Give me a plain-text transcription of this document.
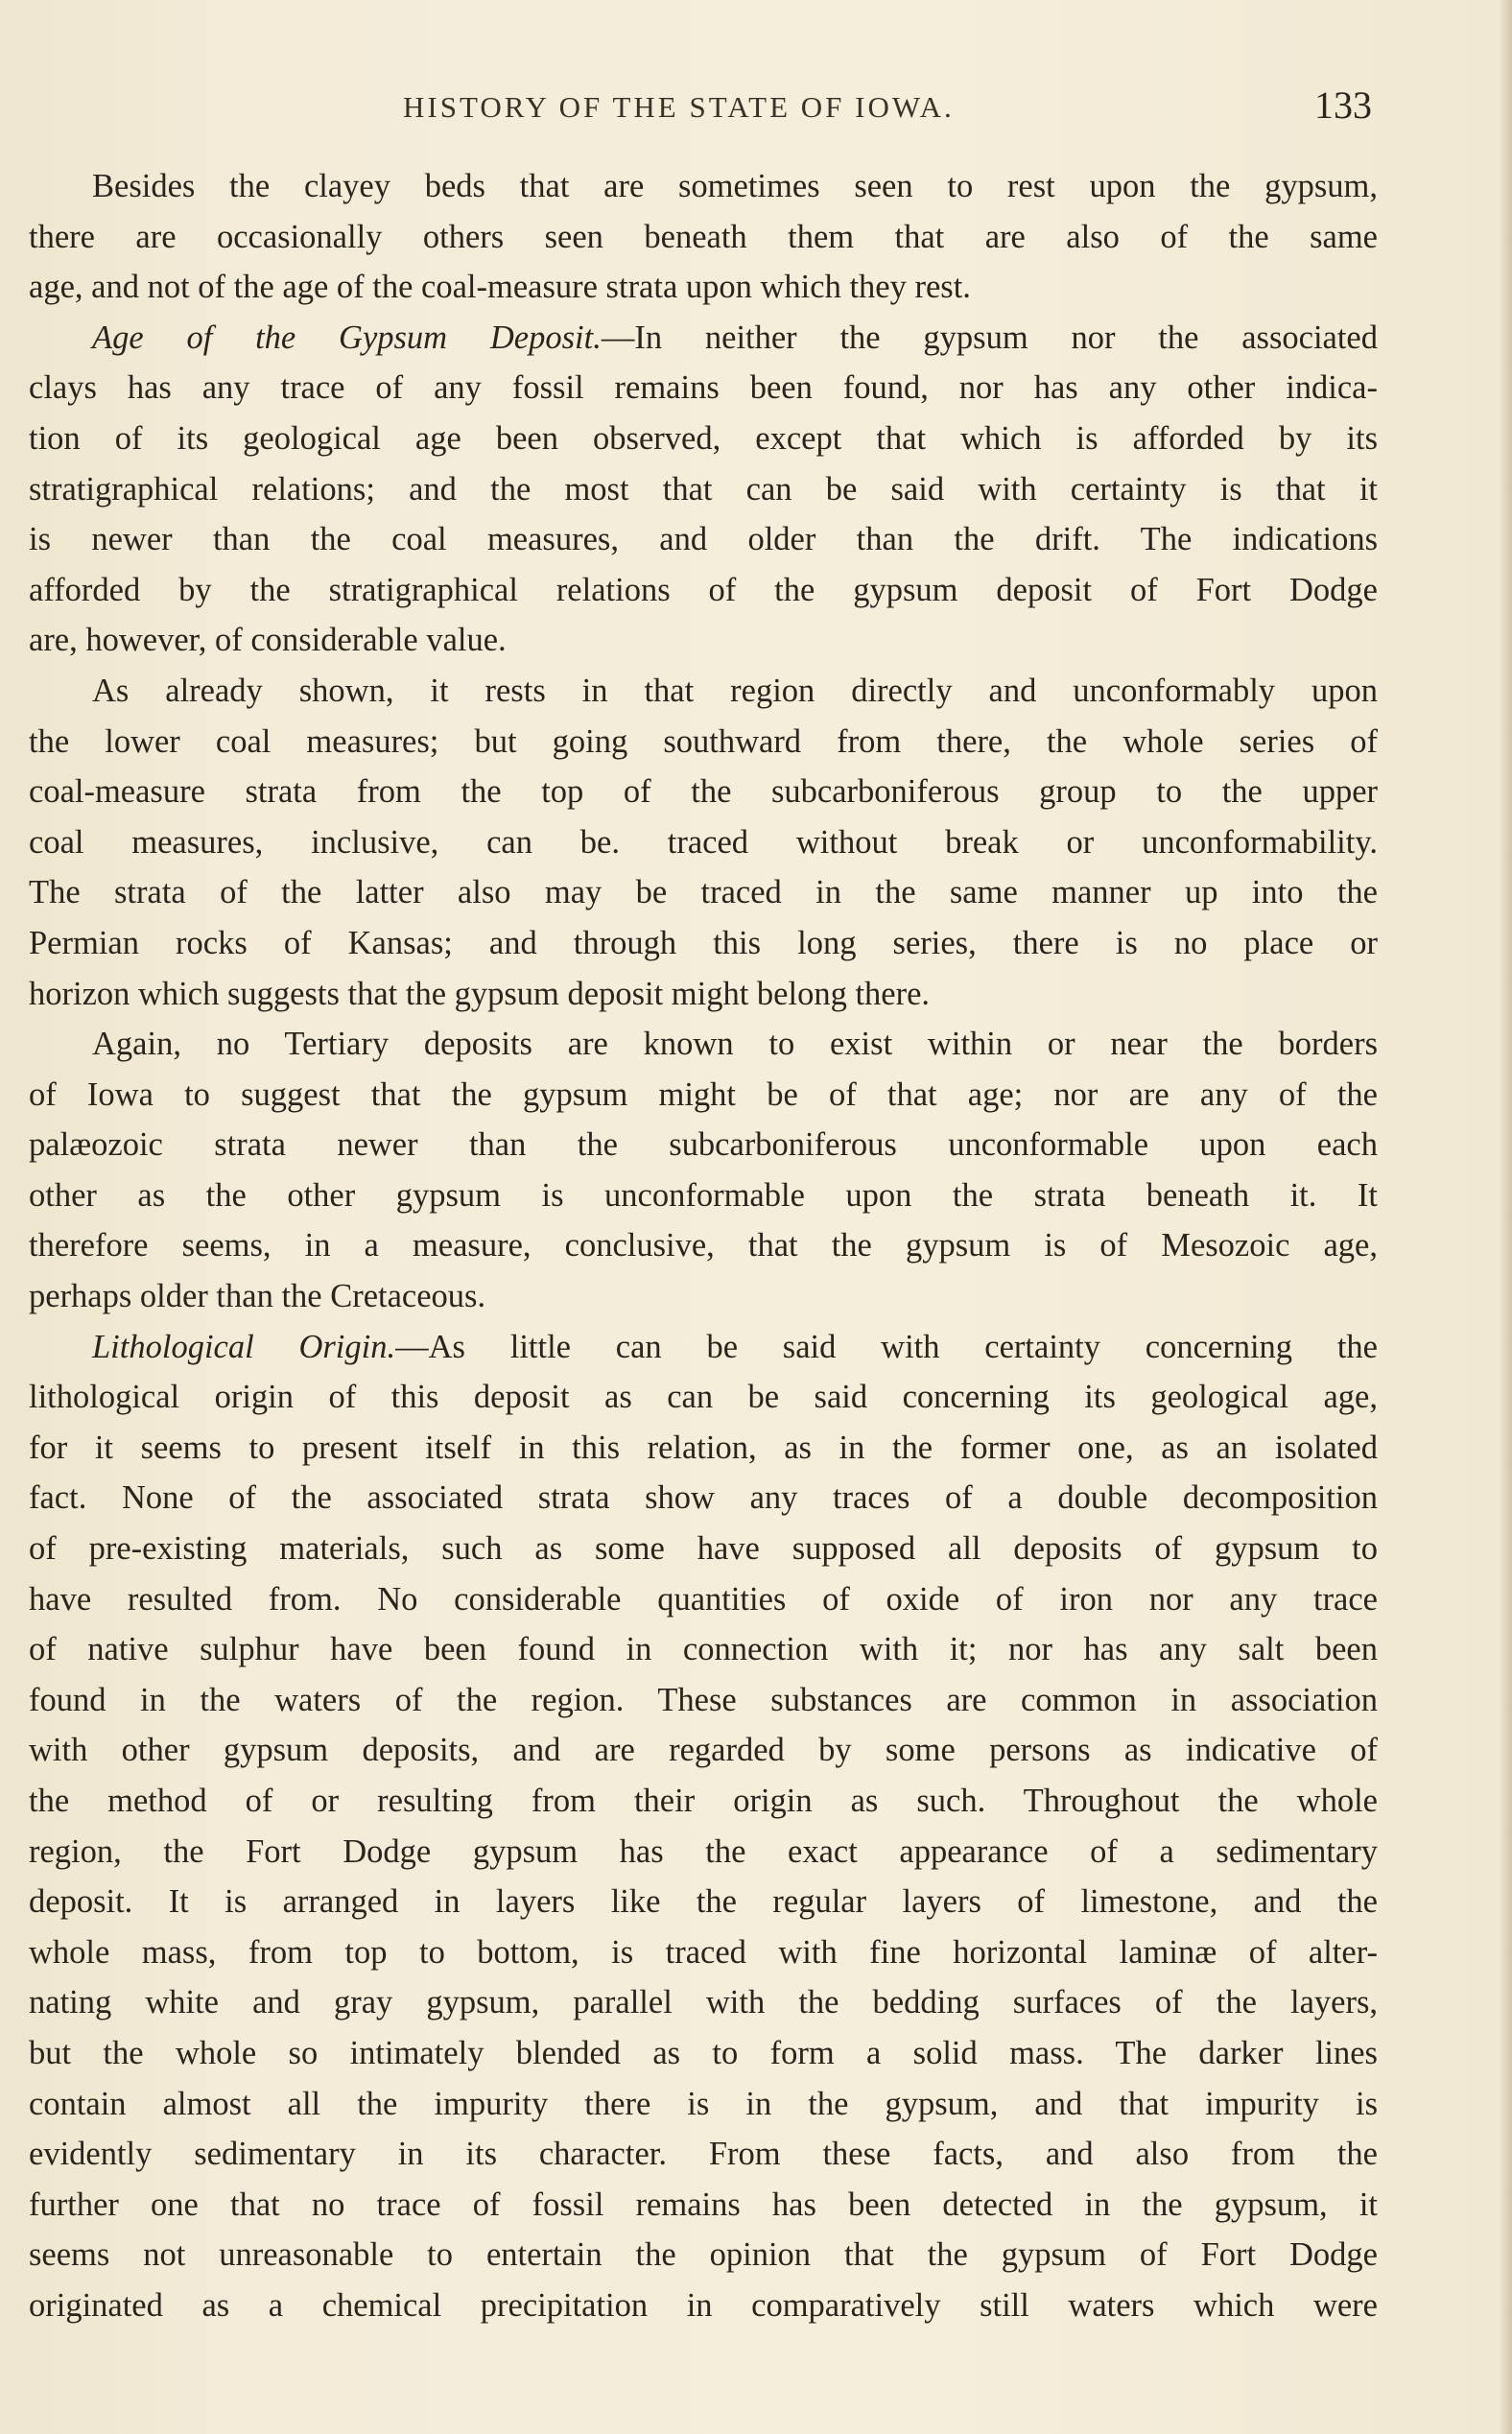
HISTORY OF THE STATE OF IOWA.	133
Besides the clayey beds that are sometimes seen to rest upon the gypsum,
there are occasionally others seen beneath them that are also of the same
age, and not of the age of the coal-measure strata upon which they rest.
Age of the Gypsum Deposit.—In neither the gypsum nor the associated
clays has any trace of any fossil remains been found, nor has any other indica-
tion of its geological age been observed, except that which is afforded by its
stratigraphical relations; and the most that can be said with certainty is that it
is newer than the coal measures, and older than the drift. The indications
afforded by the stratigraphical relations of the gypsum deposit of Fort Dodge
are, however, of considerable value.
As already shown, it rests in that region directly and unconformably upon
the lower coal measures; but going southward from there, the whole series of
coal-measure strata from the top of the subcarboniferous group to the upper
coal measures, inclusive, can be. traced without break or unconformability.
The strata of the latter also may be traced in the same manner up into the
Permian rocks of Kansas; and through this long series, there is no place or
horizon which suggests that the gypsum deposit might belong there.
Again, no Tertiary deposits are known to exist within or near the borders
of Iowa to suggest that the gypsum might be of that age; nor are any of the
palæozoic strata newer than the subcarboniferous unconformable upon each
other as the other gypsum is unconformable upon the strata beneath it. It
therefore seems, in a measure, conclusive, that the gypsum is of Mesozoic age,
perhaps older than the Cretaceous.
Lithological Origin.—As little can be said with certainty concerning the
lithological origin of this deposit as can be said concerning its geological age,
for it seems to present itself in this relation, as in the former one, as an isolated
fact. None of the associated strata show any traces of a double decomposition
of pre-existing materials, such as some have supposed all deposits of gypsum to
have resulted from. No considerable quantities of oxide of iron nor any trace
of native sulphur have been found in connection with it; nor has any salt been
found in the waters of the region. These substances are common in association
with other gypsum deposits, and are regarded by some persons as indicative of
the method of or resulting from their origin as such. Throughout the whole
region, the Fort Dodge gypsum has the exact appearance of a sedimentary
deposit. It is arranged in layers like the regular layers of limestone, and the
whole mass, from top to bottom, is traced with fine horizontal laminæ of alter-
nating white and gray gypsum, parallel with the bedding surfaces of the layers,
but the whole so intimately blended as to form a solid mass. The darker lines
contain almost all the impurity there is in the gypsum, and that impurity is
evidently sedimentary in its character. From these facts, and also from the
further one that no trace of fossil remains has been detected in the gypsum, it
seems not unreasonable to entertain the opinion that the gypsum of Fort Dodge
originated as a chemical precipitation in comparatively still waters which were
